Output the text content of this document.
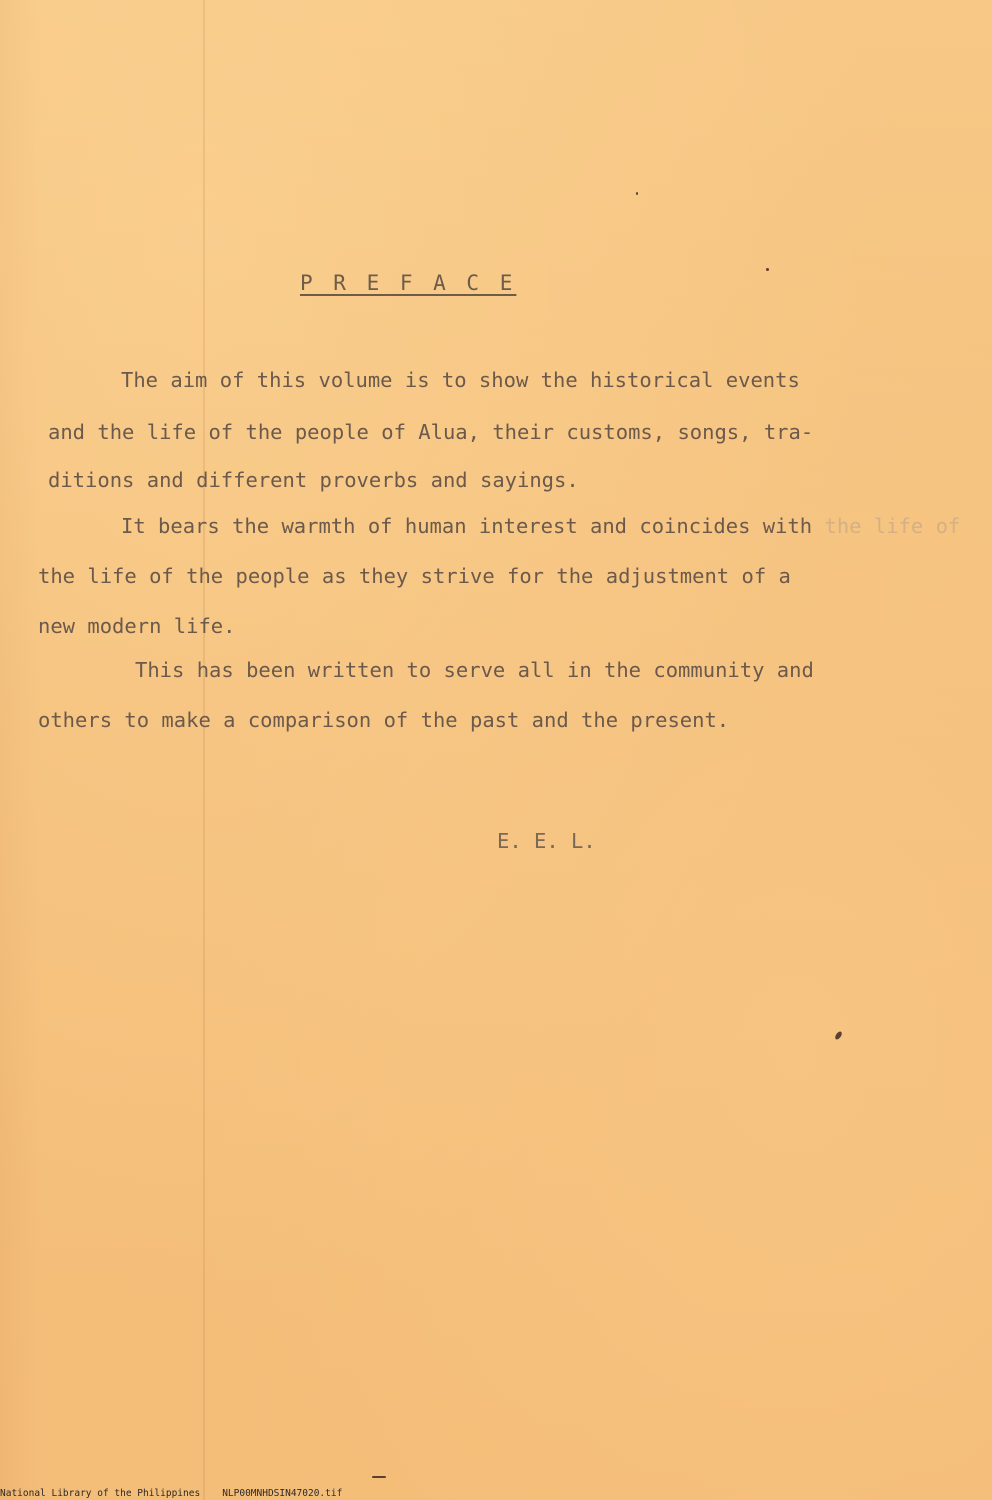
P R E F A C E

The aim of this volume is to show the historical events

and the life of the people of Alua, their customs, songs, tra-

ditions and different proverbs and sayings.

It bears the warmth of human interest and coincides with the life of

the life of the people as they strive for the adjustment of a

new modern life.

This has been written to serve all in the community and

others to make a comparison of the past and the present.

E. E. L.
National Library of the Philippines NLP00MNHDSIN47020.tif
